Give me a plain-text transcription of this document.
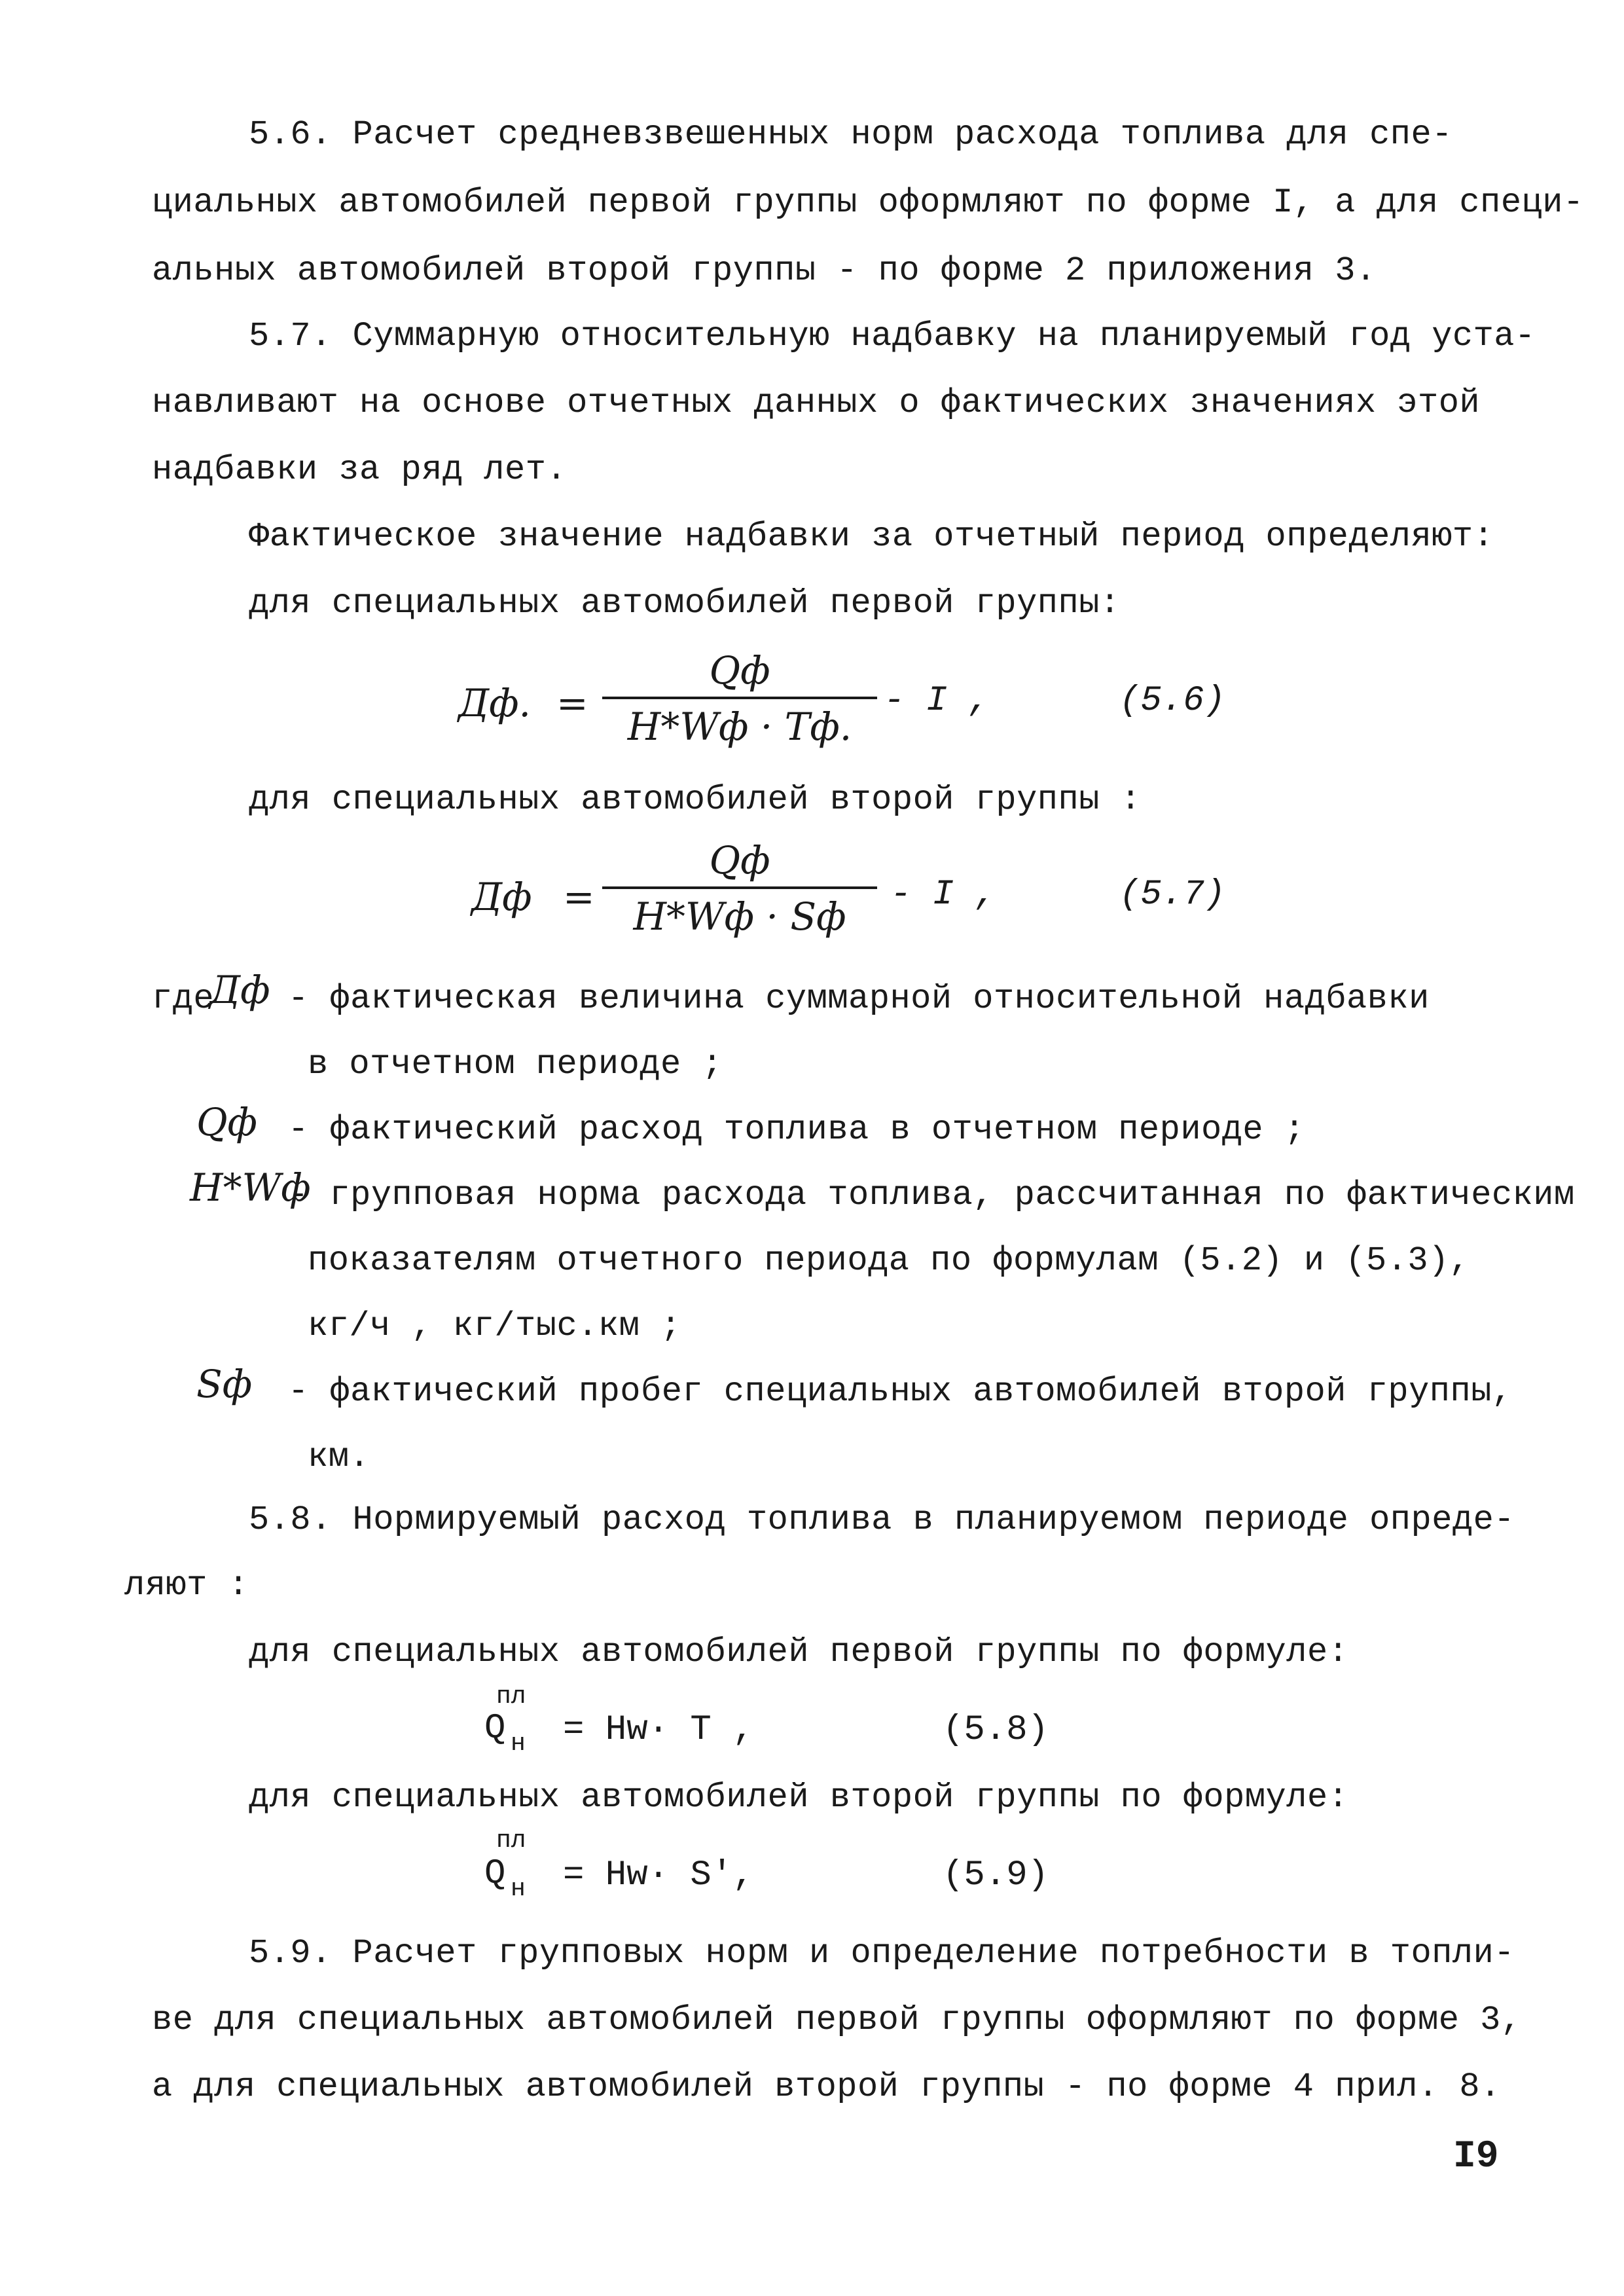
5.6. Расчет средневзвешенных норм расхода топлива для спе-
циальных автомобилей первой группы оформляют по форме I, а для специ-
альных автомобилей второй группы - по форме 2 приложения 3.
5.7. Суммарную относительную надбавку на планируемый год уста-
навливают на основе отчетных данных о фактических значениях этой
надбавки за ряд лет.
Фактическое значение надбавки за отчетный период определяют:
для специальных автомобилей первой группы:
Дф. =
Qф
H*Wф · Tф.
- I ,	(5.6)
для специальных автомобилей второй группы :
Дф =
Qф
H*Wф · Sф - I ,	(5.7)
где
Дф - фактическая величина суммарной относительной надбавки
в отчетном периоде ;
Qф - фактический расход топлива в отчетном периоде ;
H*Wф
- групповая норма расхода топлива, рассчитанная по фактическим
показателям отчетного периода по формулам (5.2) и (5.3),
кг/ч , кг/тыс.км ;
Sф - фактический пробег специальных автомобилей второй группы,
км.
5.8. Нормируемый расход топлива в планируемом периоде опреде-
ляют :
для специальных автомобилей первой группы по формуле:
пл
Q н = Hw· T ,	(5.8)
для специальных автомобилей второй группы по формуле:
пл
Q н = Hw· S',	(5.9)
5.9. Расчет групповых норм и определение потребности в топли-
ве для специальных автомобилей первой группы оформляют по форме 3,
а для специальных автомобилей второй группы - по форме 4 прил. 8.
I9
